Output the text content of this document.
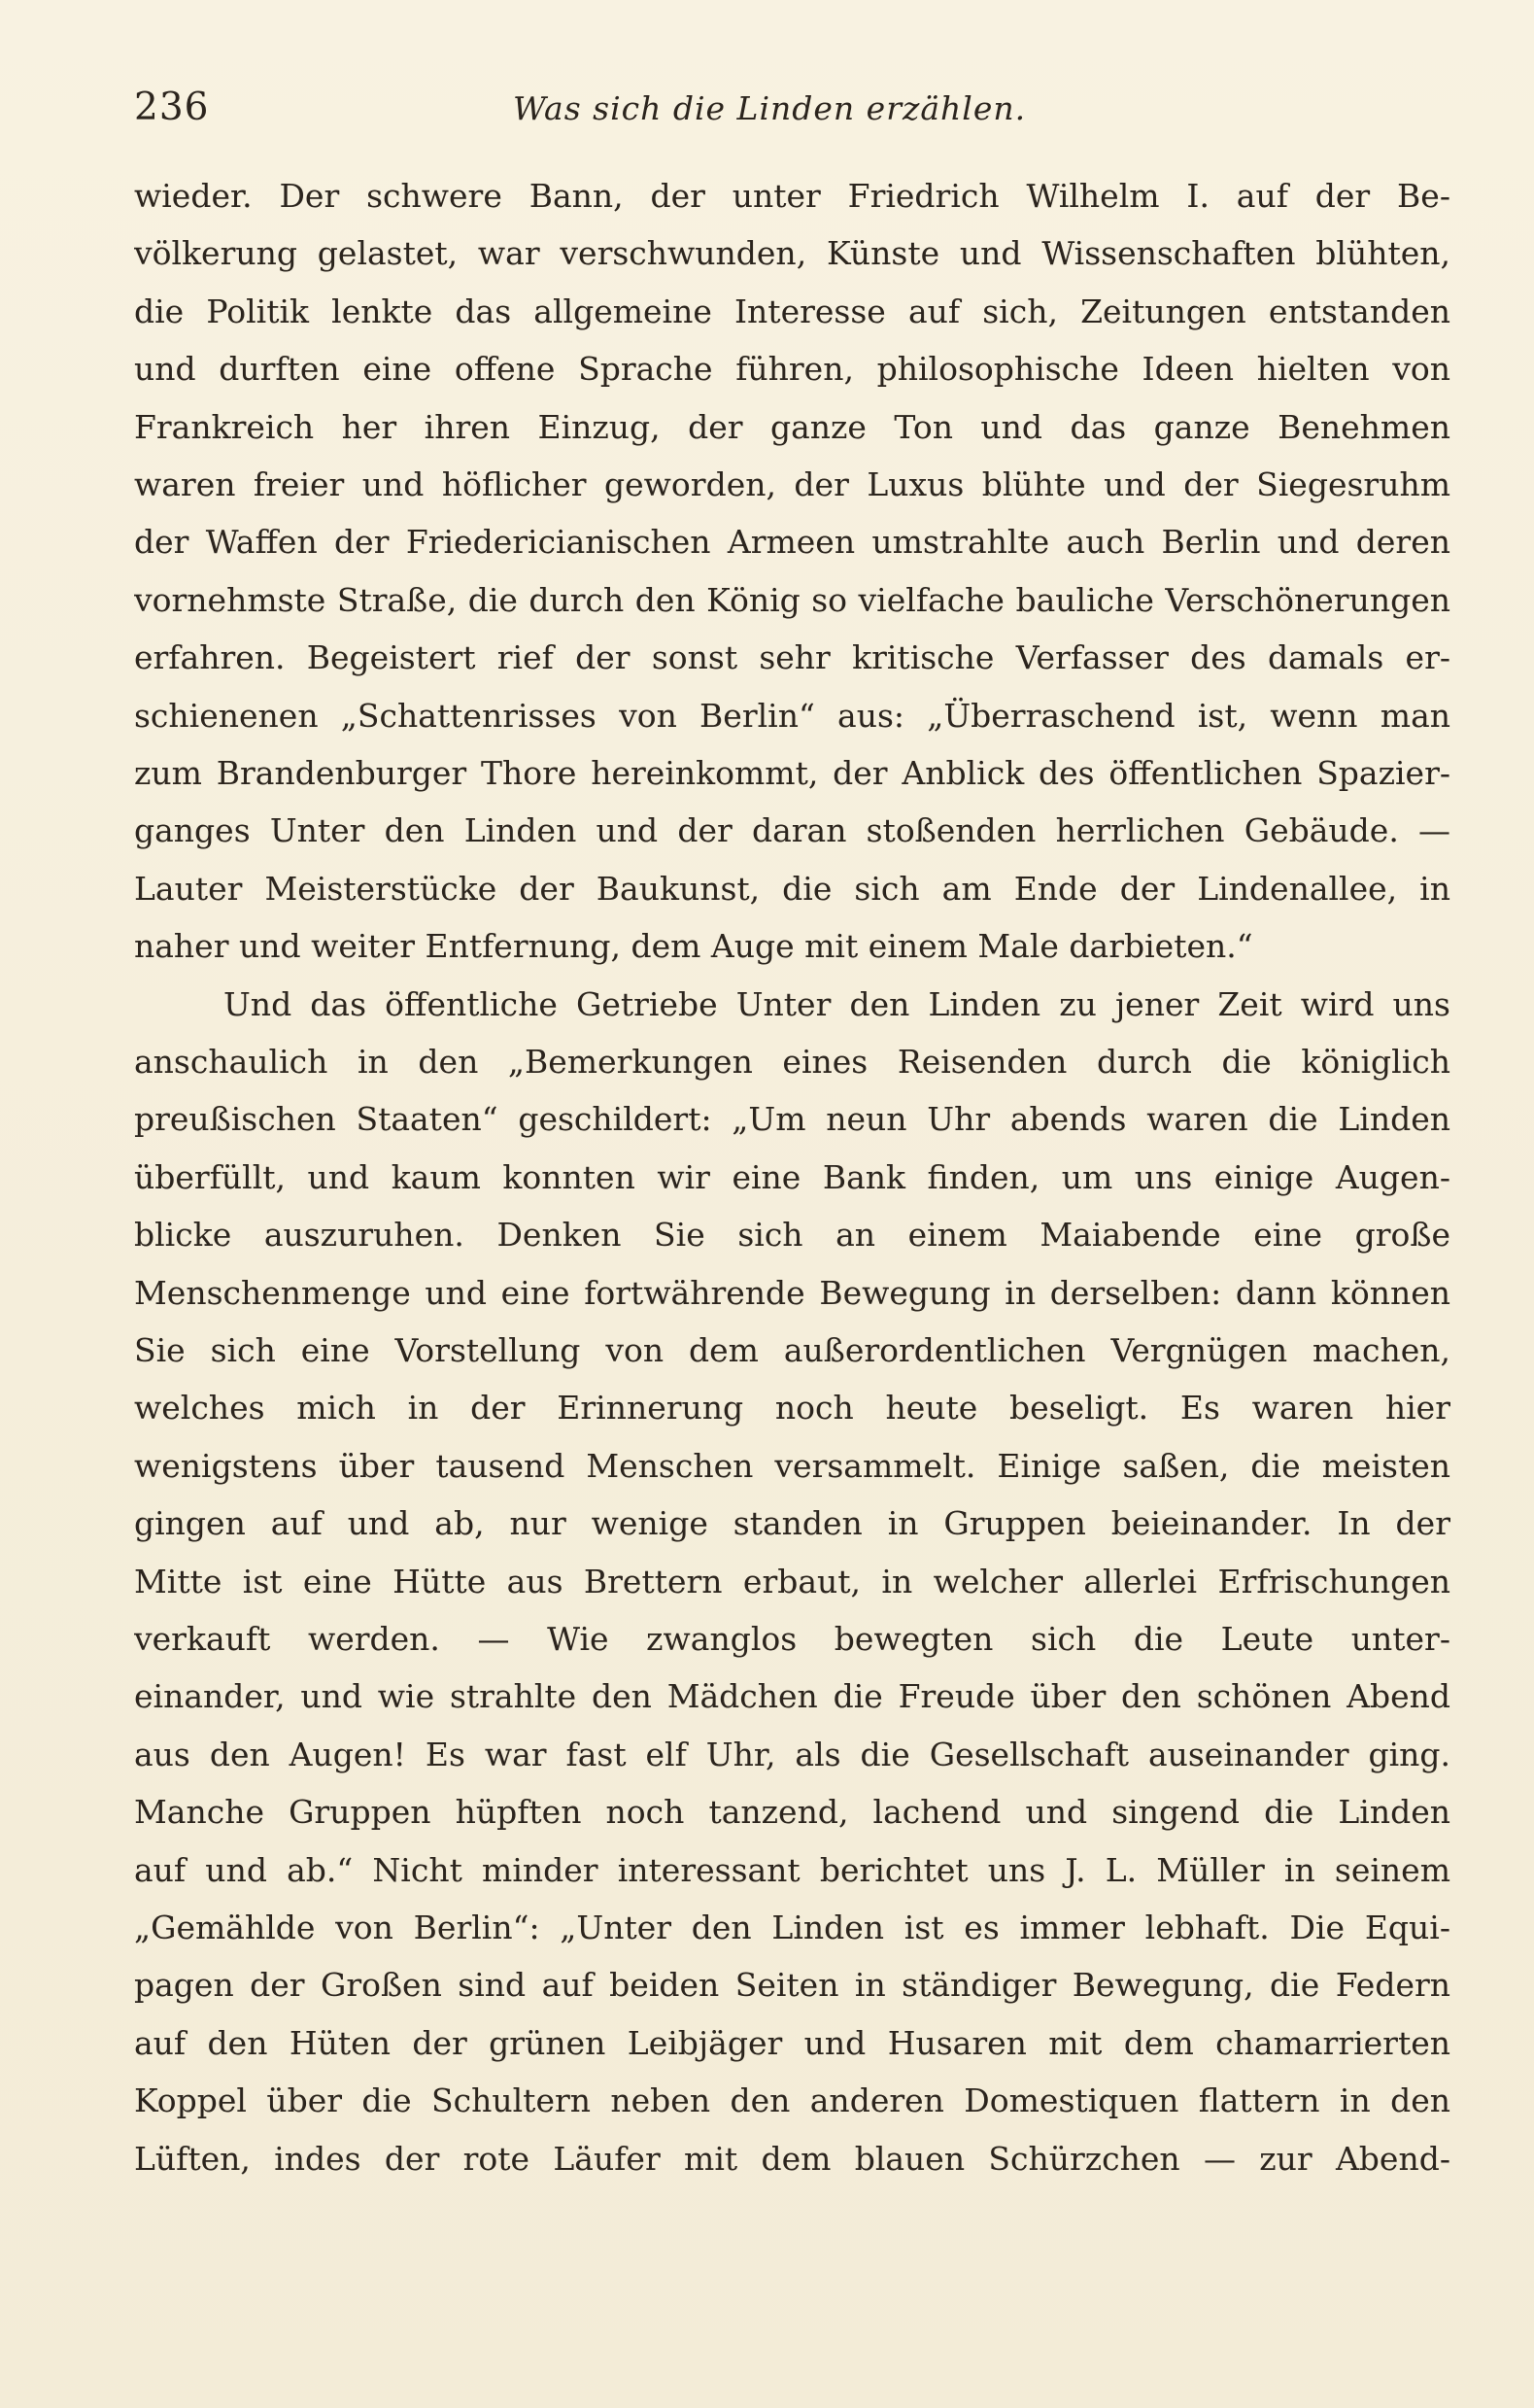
236	Was sich die Linden erzählen.
wieder. Der schwere Bann, der unter Friedrich Wilhelm I. auf der Be-
völkerung gelastet, war verschwunden, Künste und Wissenschaften blühten,
die Politik lenkte das allgemeine Interesse auf sich, Zeitungen entstanden
und durften eine offene Sprache führen, philosophische Ideen hielten von
Frankreich her ihren Einzug, der ganze Ton und das ganze Benehmen
waren freier und höflicher geworden, der Luxus blühte und der Siegesruhm
der Waffen der Friedericianischen Armeen umstrahlte auch Berlin und deren
vornehmste Straße, die durch den König so vielfache bauliche Verschönerungen
erfahren. Begeistert rief der sonst sehr kritische Verfasser des damals er-
schienenen „Schattenrisses von Berlin“ aus: „Überraschend ist, wenn man
zum Brandenburger Thore hereinkommt, der Anblick des öffentlichen Spazier-
ganges Unter den Linden und der daran stoßenden herrlichen Gebäude. —
Lauter Meisterstücke der Baukunst, die sich am Ende der Lindenallee, in
naher und weiter Entfernung, dem Auge mit einem Male darbieten.“
Und das öffentliche Getriebe Unter den Linden zu jener Zeit wird uns
anschaulich in den „Bemerkungen eines Reisenden durch die königlich
preußischen Staaten“ geschildert: „Um neun Uhr abends waren die Linden
überfüllt, und kaum konnten wir eine Bank finden, um uns einige Augen-
blicke auszuruhen. Denken Sie sich an einem Maiabende eine große
Menschenmenge und eine fortwährende Bewegung in derselben: dann können
Sie sich eine Vorstellung von dem außerordentlichen Vergnügen machen,
welches mich in der Erinnerung noch heute beseligt. Es waren hier
wenigstens über tausend Menschen versammelt. Einige saßen, die meisten
gingen auf und ab, nur wenige standen in Gruppen beieinander. In der
Mitte ist eine Hütte aus Brettern erbaut, in welcher allerlei Erfrischungen
verkauft werden. — Wie zwanglos bewegten sich die Leute unter-
einander, und wie strahlte den Mädchen die Freude über den schönen Abend
aus den Augen! Es war fast elf Uhr, als die Gesellschaft auseinander ging.
Manche Gruppen hüpften noch tanzend, lachend und singend die Linden
auf und ab.“ Nicht minder interessant berichtet uns J. L. Müller in seinem
„Gemählde von Berlin“: „Unter den Linden ist es immer lebhaft. Die Equi-
pagen der Großen sind auf beiden Seiten in ständiger Bewegung, die Federn
auf den Hüten der grünen Leibjäger und Husaren mit dem chamarrierten
Koppel über die Schultern neben den anderen Domestiquen flattern in den
Lüften, indes der rote Läufer mit dem blauen Schürzchen — zur Abend-
